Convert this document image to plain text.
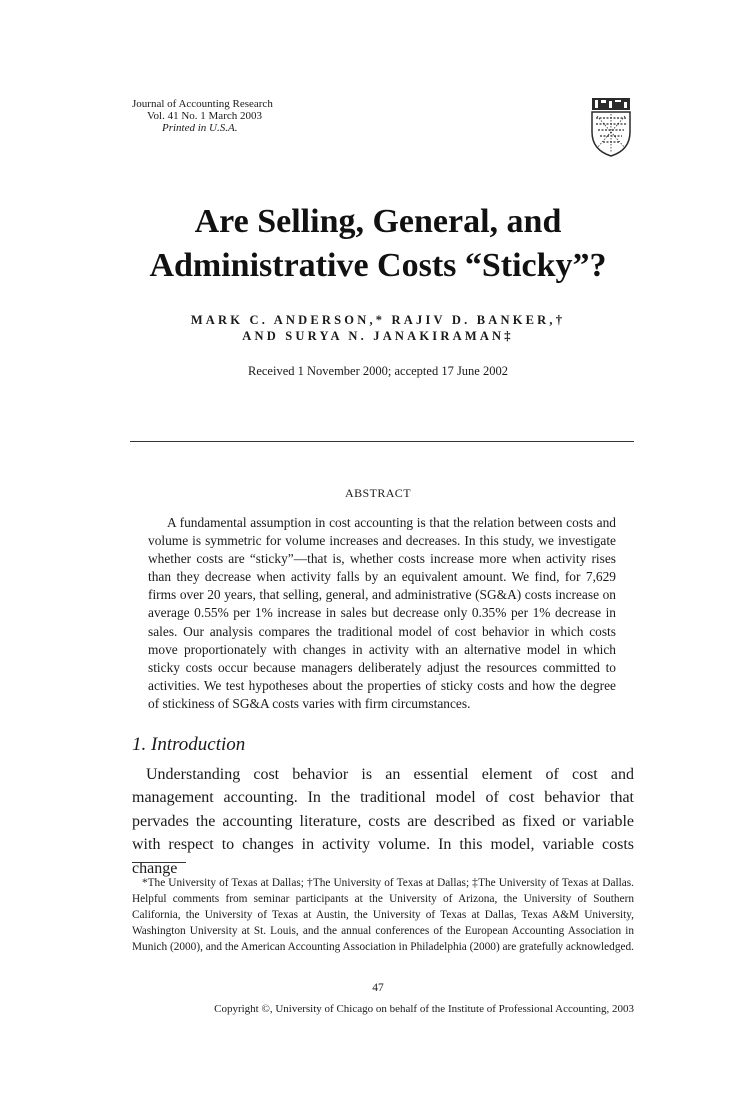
Journal of Accounting Research
Vol. 41 No. 1 March 2003
Printed in U.S.A.
Are Selling, General, and
Administrative Costs “Sticky”?
MARK C. ANDERSON,* RAJIV D. BANKER,†
AND SURYA N. JANAKIRAMAN‡
Received 1 November 2000; accepted 17 June 2002
ABSTRACT

A fundamental assumption in cost accounting is that the relation between costs and volume is symmetric for volume increases and decreases. In this study, we investigate whether costs are “sticky”—that is, whether costs increase more when activity rises than they decrease when activity falls by an equivalent amount. We find, for 7,629 firms over 20 years, that selling, general, and administrative (SG&A) costs increase on average 0.55% per 1% increase in sales but decrease only 0.35% per 1% decrease in sales. Our analysis compares the traditional model of cost behavior in which costs move proportionately with changes in activity with an alternative model in which sticky costs occur because managers deliberately adjust the resources committed to activities. We test hypotheses about the properties of sticky costs and how the degree of stickiness of SG&A costs varies with firm circumstances.

1. Introduction

Understanding cost behavior is an essential element of cost and management accounting. In the traditional model of cost behavior that pervades the accounting literature, costs are described as fixed or variable with respect to changes in activity volume. In this model, variable costs change

*The University of Texas at Dallas; †The University of Texas at Dallas; ‡The University of Texas at Dallas. Helpful comments from seminar participants at the University of Arizona, the University of Southern California, the University of Texas at Austin, the University of Texas at Dallas, Texas A&M University, Washington University at St. Louis, and the annual conferences of the European Accounting Association in Munich (2000), and the American Accounting Association in Philadelphia (2000) are gratefully acknowledged.

47
Copyright ©, University of Chicago on behalf of the Institute of Professional Accounting, 2003
